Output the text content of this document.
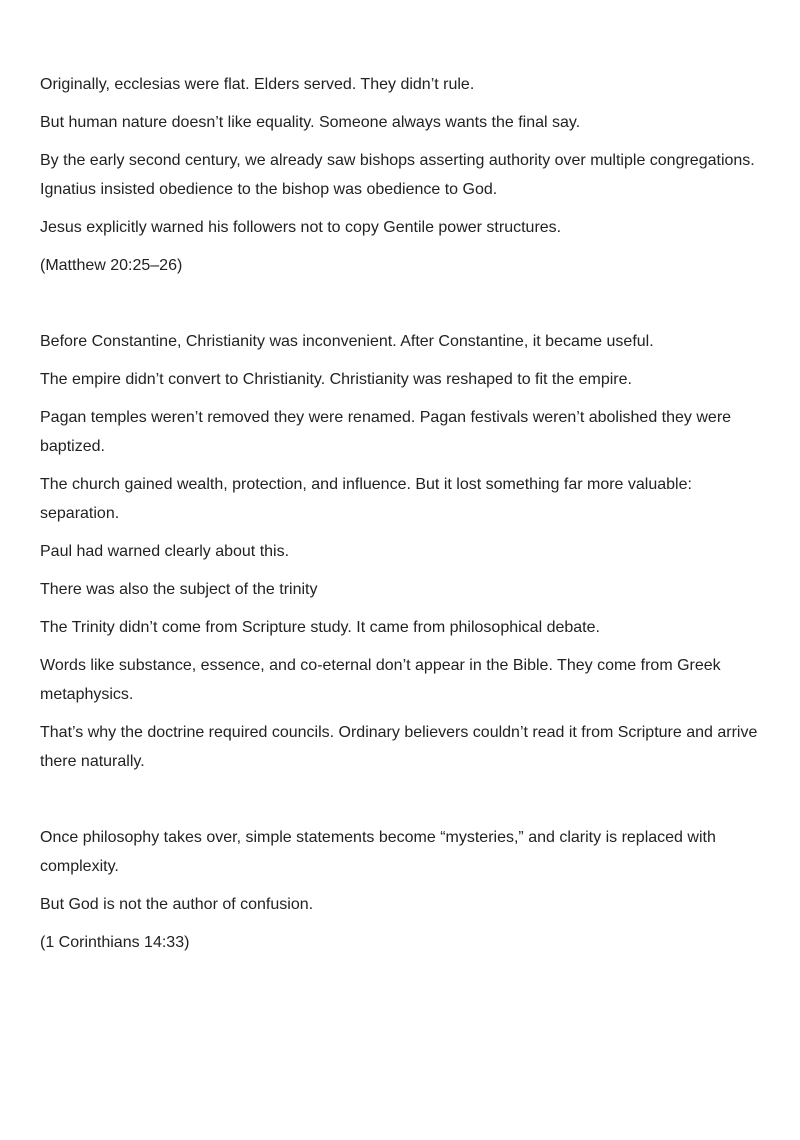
Originally, ecclesias were flat. Elders served. They didn’t rule.

But human nature doesn’t like equality. Someone always wants the final say.

By the early second century, we already saw bishops asserting authority over multiple congregations. Ignatius insisted obedience to the bishop was obedience to God.

Jesus explicitly warned his followers not to copy Gentile power structures.

(Matthew 20:25–26)

Before Constantine, Christianity was inconvenient. After Constantine, it became useful.

The empire didn’t convert to Christianity. Christianity was reshaped to fit the empire.

Pagan temples weren’t removed they were renamed. Pagan festivals weren’t abolished they were baptized.

The church gained wealth, protection, and influence. But it lost something far more valuable: separation.

Paul had warned clearly about this.

There was also the subject of the trinity

The Trinity didn’t come from Scripture study. It came from philosophical debate.

Words like substance, essence, and co-eternal don’t appear in the Bible. They come from Greek metaphysics.

That’s why the doctrine required councils. Ordinary believers couldn’t read it from Scripture and arrive there naturally.

Once philosophy takes over, simple statements become “mysteries,” and clarity is replaced with complexity.

But God is not the author of confusion.

(1 Corinthians 14:33)
